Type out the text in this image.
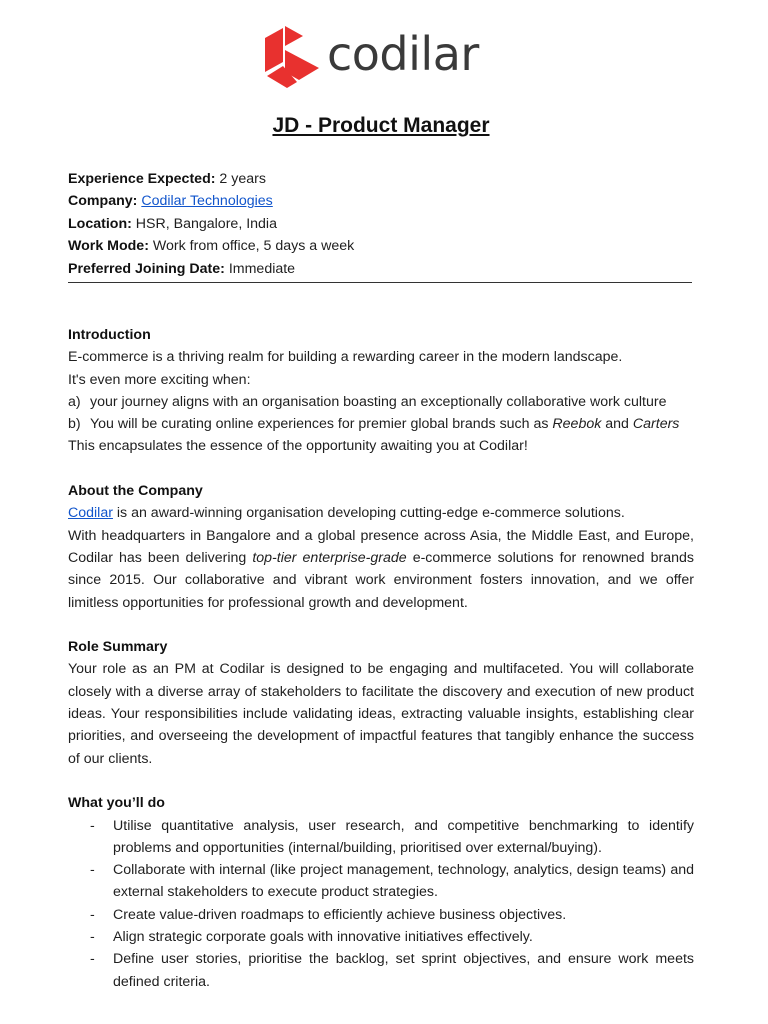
codilar
JD - Product Manager
Experience Expected: 2 years
Company: Codilar Technologies
Location: HSR, Bangalore, India
Work Mode: Work from office, 5 days a week
Preferred Joining Date: Immediate
Introduction
E-commerce is a thriving realm for building a rewarding career in the modern landscape.
It's even more exciting when:
a) your journey aligns with an organisation boasting an exceptionally collaborative work culture
b) You will be curating online experiences for premier global brands such as Reebok and Carters
This encapsulates the essence of the opportunity awaiting you at Codilar!
About the Company
Codilar is an award-winning organisation developing cutting-edge e-commerce solutions.
With headquarters in Bangalore and a global presence across Asia, the Middle East, and Europe, Codilar has been delivering top-tier enterprise-grade e-commerce solutions for renowned brands since 2015. Our collaborative and vibrant work environment fosters innovation, and we offer limitless opportunities for professional growth and development.
Role Summary
Your role as an PM at Codilar is designed to be engaging and multifaceted. You will collaborate closely with a diverse array of stakeholders to facilitate the discovery and execution of new product ideas. Your responsibilities include validating ideas, extracting valuable insights, establishing clear priorities, and overseeing the development of impactful features that tangibly enhance the success of our clients.
What you’ll do
-	Utilise quantitative analysis, user research, and competitive benchmarking to identify problems and opportunities (internal/building, prioritised over external/buying).
-	Collaborate with internal (like project management, technology, analytics, design teams) and external stakeholders to execute product strategies.
-	Create value-driven roadmaps to efficiently achieve business objectives.
-	Align strategic corporate goals with innovative initiatives effectively.
-	Define user stories, prioritise the backlog, set sprint objectives, and ensure work meets defined criteria.
